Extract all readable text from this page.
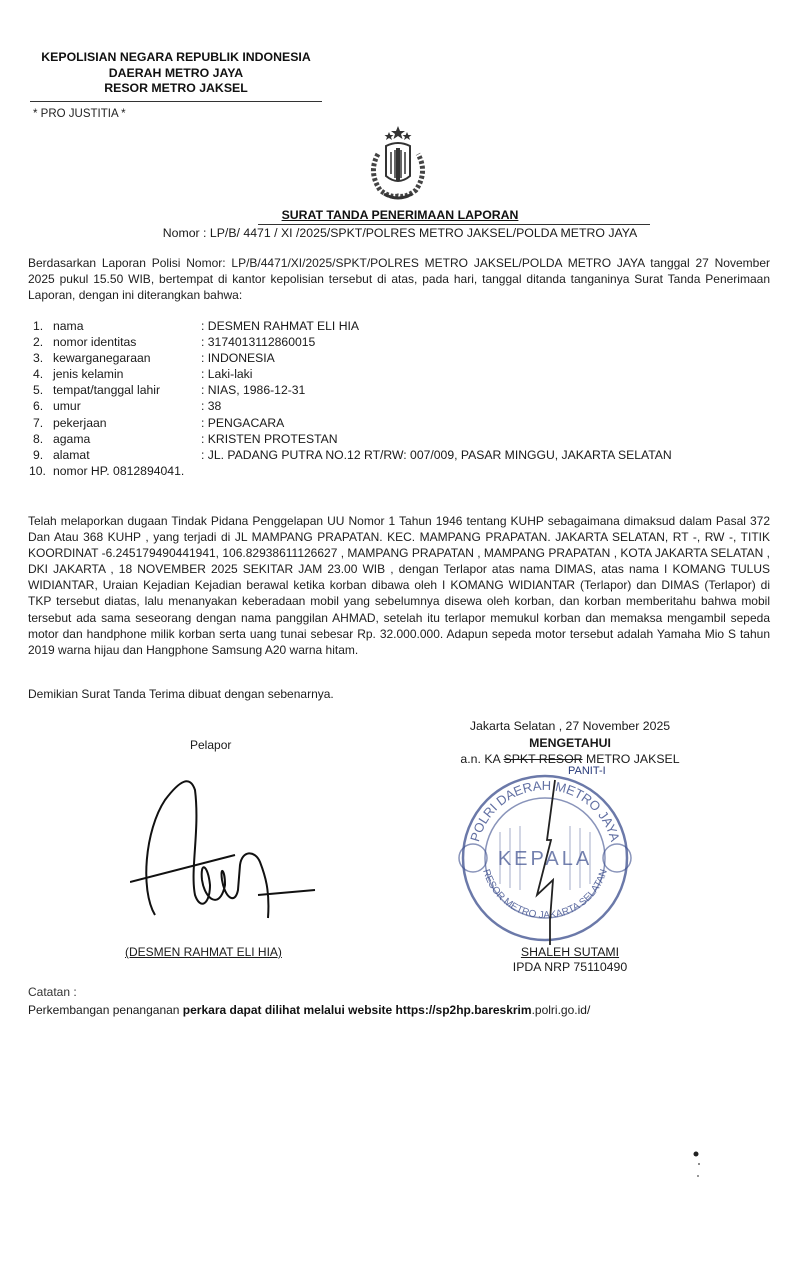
KEPOLISIAN NEGARA REPUBLIK INDONESIA
DAERAH METRO JAYA
RESOR METRO JAKSEL
* PRO JUSTITIA *
SURAT TANDA PENERIMAAN LAPORAN
Nomor : LP/B/ 4471 / XI /2025/SPKT/POLRES METRO JAKSEL/POLDA METRO JAYA
Berdasarkan Laporan Polisi Nomor: LP/B/4471/XI/2025/SPKT/POLRES METRO JAKSEL/POLDA METRO JAYA tanggal 27 November 2025 pukul 15.50 WIB, bertempat di kantor kepolisian tersebut di atas, pada hari, tanggal ditanda tanganinya Surat Tanda Penerimaan Laporan, dengan ini diterangkan bahwa:
1. nama	: DESMEN RAHMAT ELI HIA
2. nomor identitas	: 3174013112860015
3. kewarganegaraan	: INDONESIA
4. jenis kelamin	: Laki-laki
5. tempat/tanggal lahir	: NIAS, 1986-12-31
6. umur	: 38
7. pekerjaan	: PENGACARA
8. agama	: KRISTEN PROTESTAN
9. alamat	: JL. PADANG PUTRA NO.12 RT/RW: 007/009, PASAR MINGGU, JAKARTA SELATAN
10. nomor HP. 0812894041.
Telah melaporkan dugaan Tindak Pidana Penggelapan UU Nomor 1 Tahun 1946 tentang KUHP sebagaimana dimaksud dalam Pasal 372 Dan Atau 368 KUHP , yang terjadi di JL MAMPANG PRAPATAN. KEC. MAMPANG PRAPATAN. JAKARTA SELATAN, RT -, RW -, TITIK KOORDINAT -6.245179490441941, 106.82938611126627 , MAMPANG PRAPATAN , MAMPANG PRAPATAN , KOTA JAKARTA SELATAN , DKI JAKARTA , 18 NOVEMBER 2025 SEKITAR JAM 23.00 WIB , dengan Terlapor atas nama DIMAS, atas nama I KOMANG TULUS WIDIANTAR, Uraian Kejadian Kejadian berawal ketika korban dibawa oleh I KOMANG WIDIANTAR (Terlapor) dan DIMAS (Terlapor) di TKP tersebut diatas, lalu menanyakan keberadaan mobil yang sebelumnya disewa oleh korban, dan korban memberitahu bahwa mobil tersebut ada sama seseorang dengan nama panggilan AHMAD, setelah itu terlapor memukul korban dan memaksa mengambil sepeda motor dan handphone milik korban serta uang tunai sebesar Rp. 32.000.000. Adapun sepeda motor tersebut adalah Yamaha Mio S tahun 2019 warna hijau dan Hangphone Samsung A20 warna hitam.
Demikian Surat Tanda Terima dibuat dengan sebenarnya.
Pelapor
(DESMEN RAHMAT ELI HIA)
Jakarta Selatan , 27 November 2025
MENGETAHUI
a.n. KA SPKT RESOR METRO JAKSEL
POLRI DAERAH METRO JAYA
KEPALA
RESOR METRO JAKARTA SELATAN
PANIT-I
SHALEH SUTAMI
IPDA NRP 75110490
Catatan :
Perkembangan penanganan perkara dapat dilihat melalui website https://sp2hp.bareskrim.polri.go.id/
